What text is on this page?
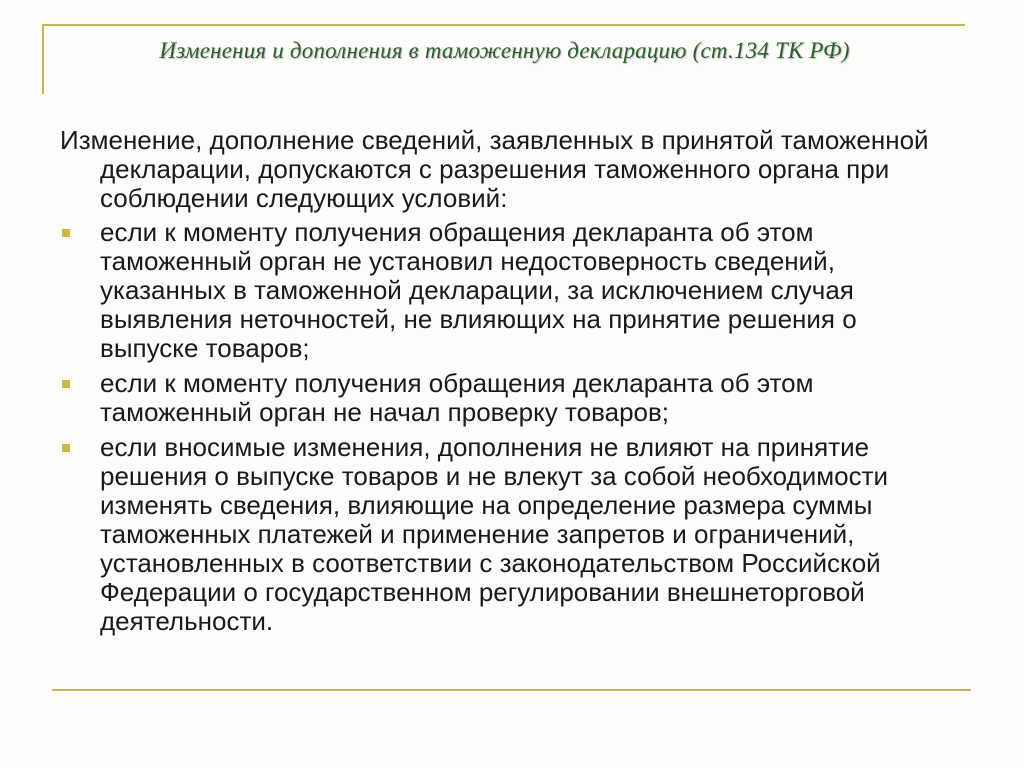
Изменения и дополнения в таможенную декларацию (ст.134 ТК РФ)

Изменение, дополнение сведений, заявленных в принятой таможенной декларации, допускаются с разрешения таможенного органа при соблюдении следующих условий:

если к моменту получения обращения декларанта об этом таможенный орган не установил недостоверность сведений, указанных в таможенной декларации, за исключением случая выявления неточностей, не влияющих на принятие решения о выпуске товаров;
если к моменту получения обращения декларанта об этом таможенный орган не начал проверку товаров;
если вносимые изменения, дополнения не влияют на принятие решения о выпуске товаров и не влекут за собой необходимости изменять сведения, влияющие на определение размера суммы таможенных платежей и применение запретов и ограничений, установленных в соответствии с законодательством Российской Федерации о государственном регулировании внешнеторговой деятельности.
